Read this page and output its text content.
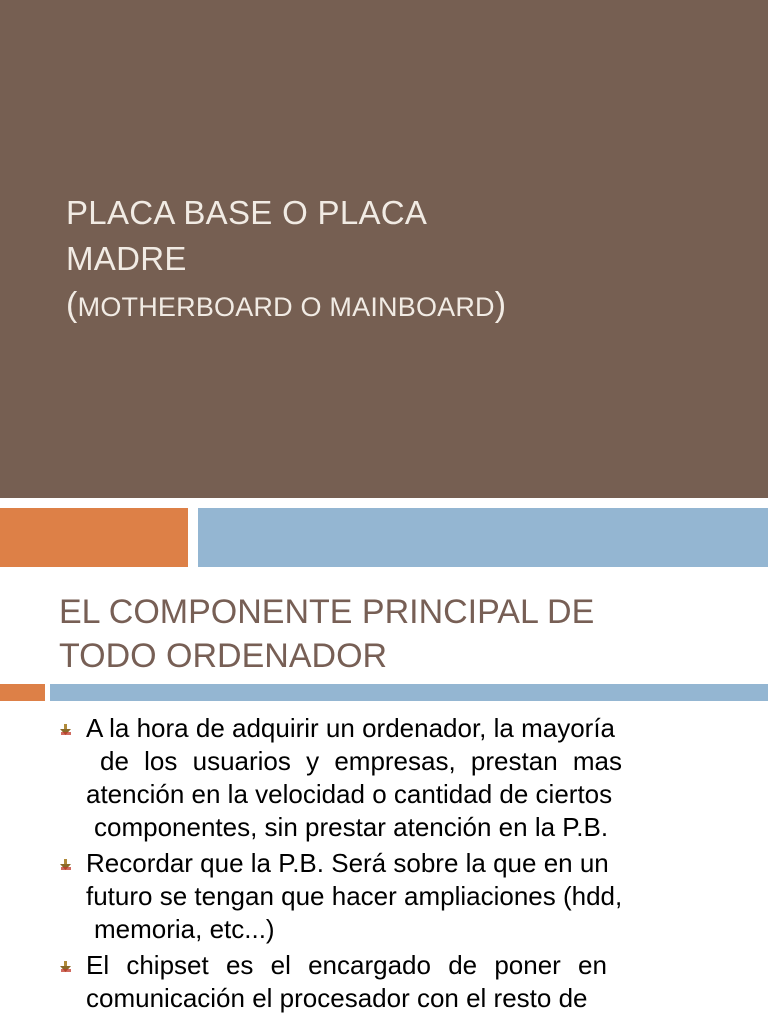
PLACA BASE O PLACA
MADRE
(MOTHERBOARD O MAINBOARD)
EL COMPONENTE PRINCIPAL DE
TODO ORDENADOR
A la hora de adquirir un ordenador, la mayoría
de los usuarios y empresas, prestan mas
atención en la velocidad o cantidad de ciertos
componentes, sin prestar atención en la P.B.
Recordar que la P.B. Será sobre la que en un
futuro se tengan que hacer ampliaciones (hdd,
memoria, etc...)
El chipset es el encargado de poner en
comunicación el procesador con el resto de
